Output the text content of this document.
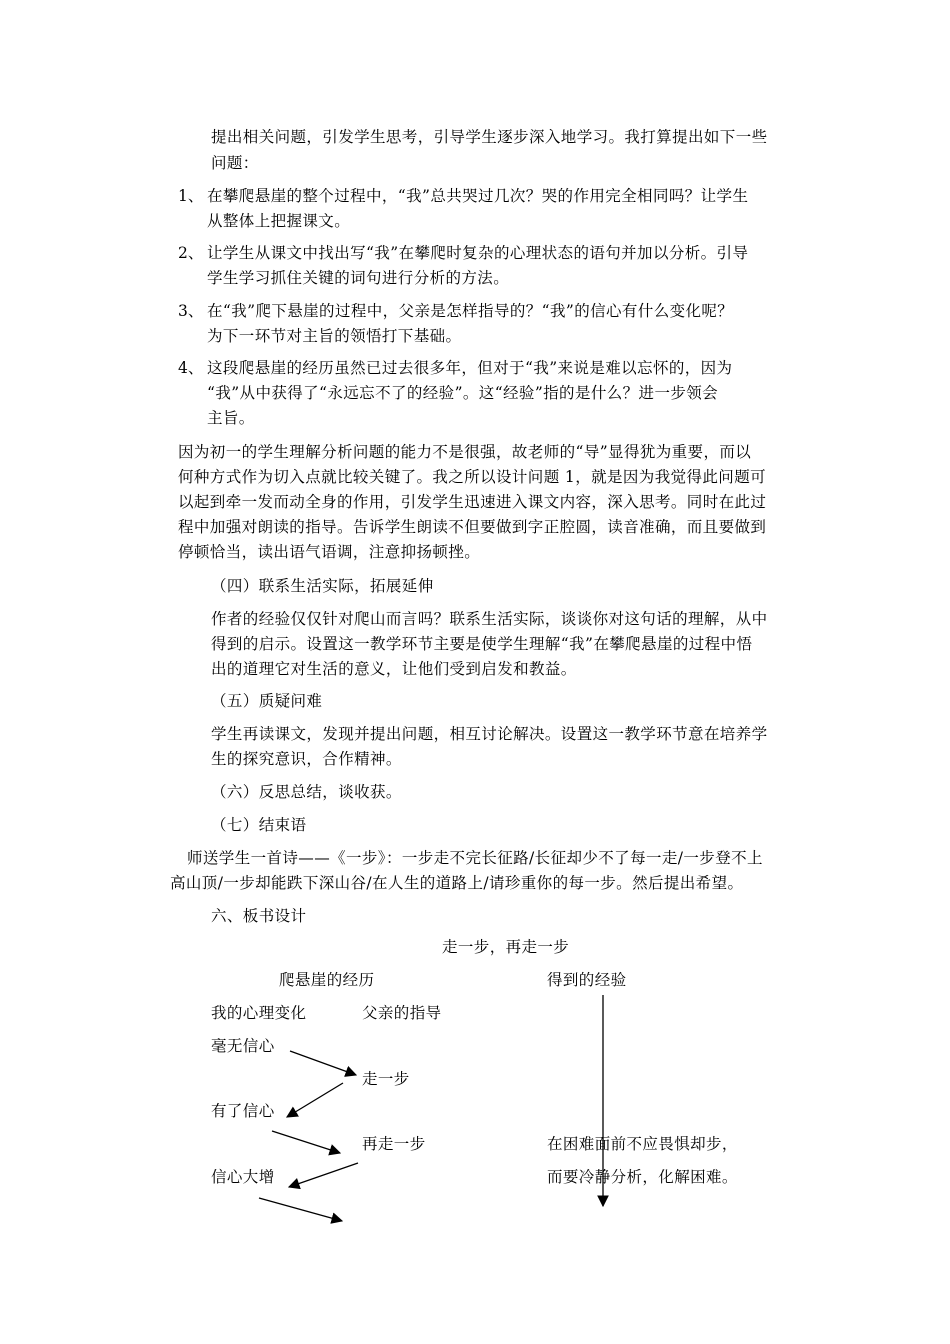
提出相关问题，引发学生思考，引导学生逐步深入地学习。我打算提出如下一些
问题：
1、 在攀爬悬崖的整个过程中，“我”总共哭过几次？哭的作用完全相同吗？让学生
从整体上把握课文。
2、 让学生从课文中找出写“我”在攀爬时复杂的心理状态的语句并加以分析。引导
学生学习抓住关键的词句进行分析的方法。
3、 在“我”爬下悬崖的过程中，父亲是怎样指导的？“我”的信心有什么变化呢？
为下一环节对主旨的领悟打下基础。
4、 这段爬悬崖的经历虽然已过去很多年，但对于“我”来说是难以忘怀的，因为
“我”从中获得了“永远忘不了的经验”。这“经验”指的是什么？进一步领会
主旨。
因为初一的学生理解分析问题的能力不是很强，故老师的“导”显得犹为重要，而以
何种方式作为切入点就比较关键了。我之所以设计问题 1，就是因为我觉得此问题可
以起到牵一发而动全身的作用，引发学生迅速进入课文内容，深入思考。同时在此过
程中加强对朗读的指导。告诉学生朗读不但要做到字正腔圆，读音准确，而且要做到
停顿恰当，读出语气语调，注意抑扬顿挫。
（四）联系生活实际，拓展延伸
作者的经验仅仅针对爬山而言吗？联系生活实际，谈谈你对这句话的理解，从中
得到的启示。设置这一教学环节主要是使学生理解“我”在攀爬悬崖的过程中悟
出的道理它对生活的意义，让他们受到启发和教益。
（五）质疑问难
学生再读课文，发现并提出问题，相互讨论解决。设置这一教学环节意在培养学
生的探究意识，合作精神。
（六）反思总结，谈收获。
（七）结束语
师送学生一首诗——《一步》：一步走不完长征路/长征却少不了每一走/一步登不上
高山顶/一步却能跌下深山谷/在人生的道路上/请珍重你的每一步。然后提出希望。
六、板书设计
走一步，再走一步
爬悬崖的经历	得到的经验
我的心理变化	父亲的指导
毫无信心
走一步
有了信心
再走一步
信心大增
在困难面前不应畏惧却步，
而要冷静分析，化解困难。
